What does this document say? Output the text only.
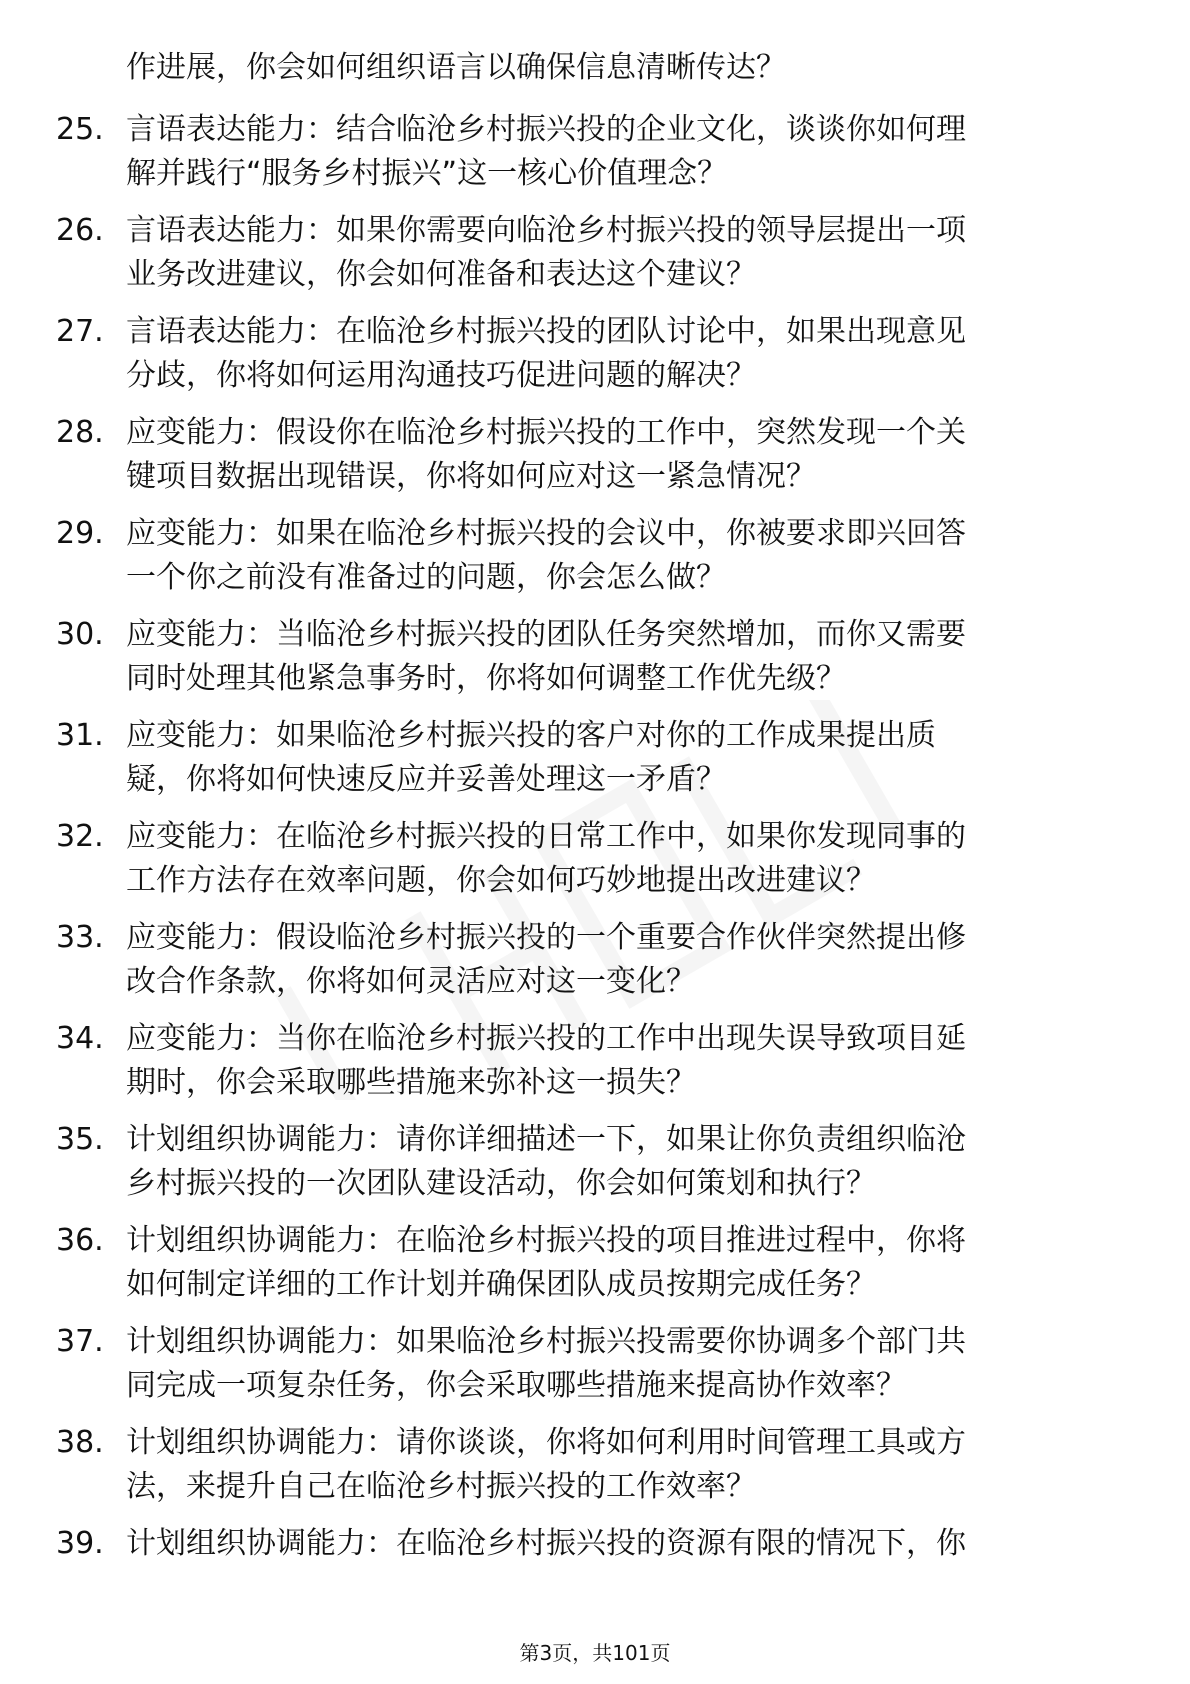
作进展，你会如何组织语言以确保信息清晰传达？
25. 言语表达能力：结合临沧乡村振兴投的企业文化，谈谈你如何理
解并践行“服务乡村振兴”这一核心价值理念？
26. 言语表达能力：如果你需要向临沧乡村振兴投的领导层提出一项
业务改进建议，你会如何准备和表达这个建议？
27. 言语表达能力：在临沧乡村振兴投的团队讨论中，如果出现意见
分歧，你将如何运用沟通技巧促进问题的解决？
28. 应变能力：假设你在临沧乡村振兴投的工作中，突然发现一个关
键项目数据出现错误，你将如何应对这一紧急情况？
29. 应变能力：如果在临沧乡村振兴投的会议中，你被要求即兴回答
一个你之前没有准备过的问题，你会怎么做？
30. 应变能力：当临沧乡村振兴投的团队任务突然增加，而你又需要
同时处理其他紧急事务时，你将如何调整工作优先级？
31. 应变能力：如果临沧乡村振兴投的客户对你的工作成果提出质
疑，你将如何快速反应并妥善处理这一矛盾？
32. 应变能力：在临沧乡村振兴投的日常工作中，如果你发现同事的
工作方法存在效率问题，你会如何巧妙地提出改进建议？
33. 应变能力：假设临沧乡村振兴投的一个重要合作伙伴突然提出修
改合作条款，你将如何灵活应对这一变化？
34. 应变能力：当你在临沧乡村振兴投的工作中出现失误导致项目延
期时，你会采取哪些措施来弥补这一损失？
35. 计划组织协调能力：请你详细描述一下，如果让你负责组织临沧
乡村振兴投的一次团队建设活动，你会如何策划和执行？
36. 计划组织协调能力：在临沧乡村振兴投的项目推进过程中，你将
如何制定详细的工作计划并确保团队成员按期完成任务？
37. 计划组织协调能力：如果临沧乡村振兴投需要你协调多个部门共
同完成一项复杂任务，你会采取哪些措施来提高协作效率？
38. 计划组织协调能力：请你谈谈，你将如何利用时间管理工具或方
法，来提升自己在临沧乡村振兴投的工作效率？
39. 计划组织协调能力：在临沧乡村振兴投的资源有限的情况下，你
第3页，共101页
